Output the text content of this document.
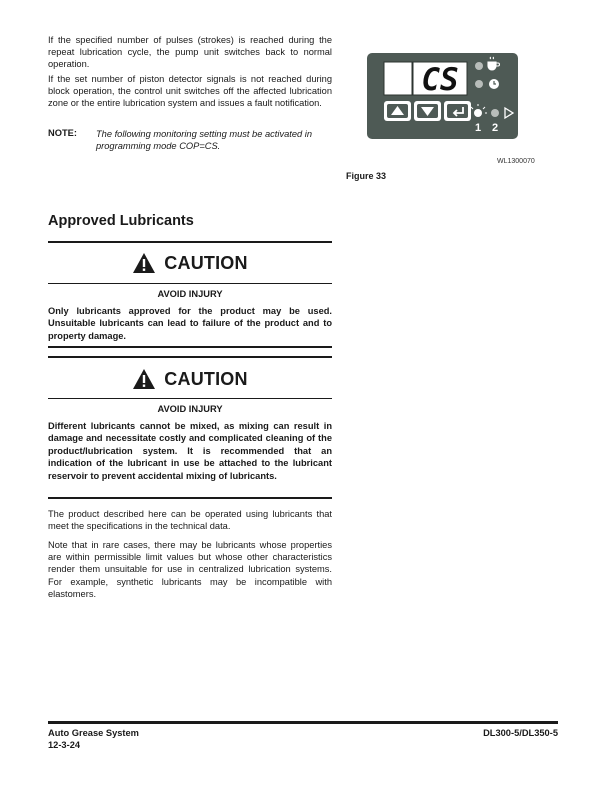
If the specified number of pulses (strokes) is reached during the repeat lubrication cycle, the pump unit switches back to normal operation.

If the set number of piston detector signals is not reached during block operation, the control unit switches off the affected lubrication zone or the entire lubrication system and issues a fault notification.

NOTE: The following monitoring setting must be activated in programming mode COP=CS.
CS
1 2
WL1300070
Figure 33
Approved Lubricants
CAUTION
AVOID INJURY

Only lubricants approved for the product may be used. Unsuitable lubricants can lead to failure of the product and to property damage.

CAUTION
AVOID INJURY

Different lubricants cannot be mixed, as mixing can result in damage and necessitate costly and complicated cleaning of the product/lubrication system. It is recommended that an indication of the lubricant in use be attached to the lubricant reservoir to prevent accidental mixing of lubricants.

The product described here can be operated using lubricants that meet the specifications in the technical data.

Note that in rare cases, there may be lubricants whose properties are within permissible limit values but whose other characteristics render them unsuitable for use in centralized lubrication systems. For example, synthetic lubricants may be incompatible with elastomers.

Auto Grease System
12-3-24
DL300-5/DL350-5
